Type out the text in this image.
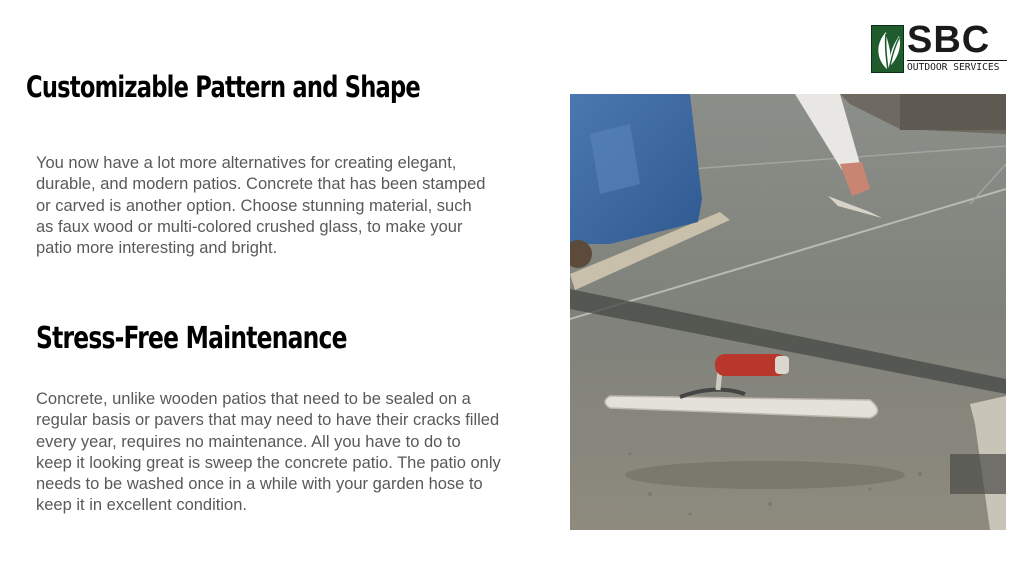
SBC
OUTDOOR SERVICES
Customizable Pattern and Shape

You now have a lot more alternatives for creating elegant, durable, and modern patios. Concrete that has been stamped or carved is another option. Choose stunning material, such as faux wood or multi-colored crushed glass, to make your patio more interesting and bright.

Stress-Free Maintenance

Concrete, unlike wooden patios that need to be sealed on a regular basis or pavers that may need to have their cracks filled every year, requires no maintenance. All you have to do to keep it looking great is sweep the concrete patio. The patio only needs to be washed once in a while with your garden hose to keep it in excellent condition.
